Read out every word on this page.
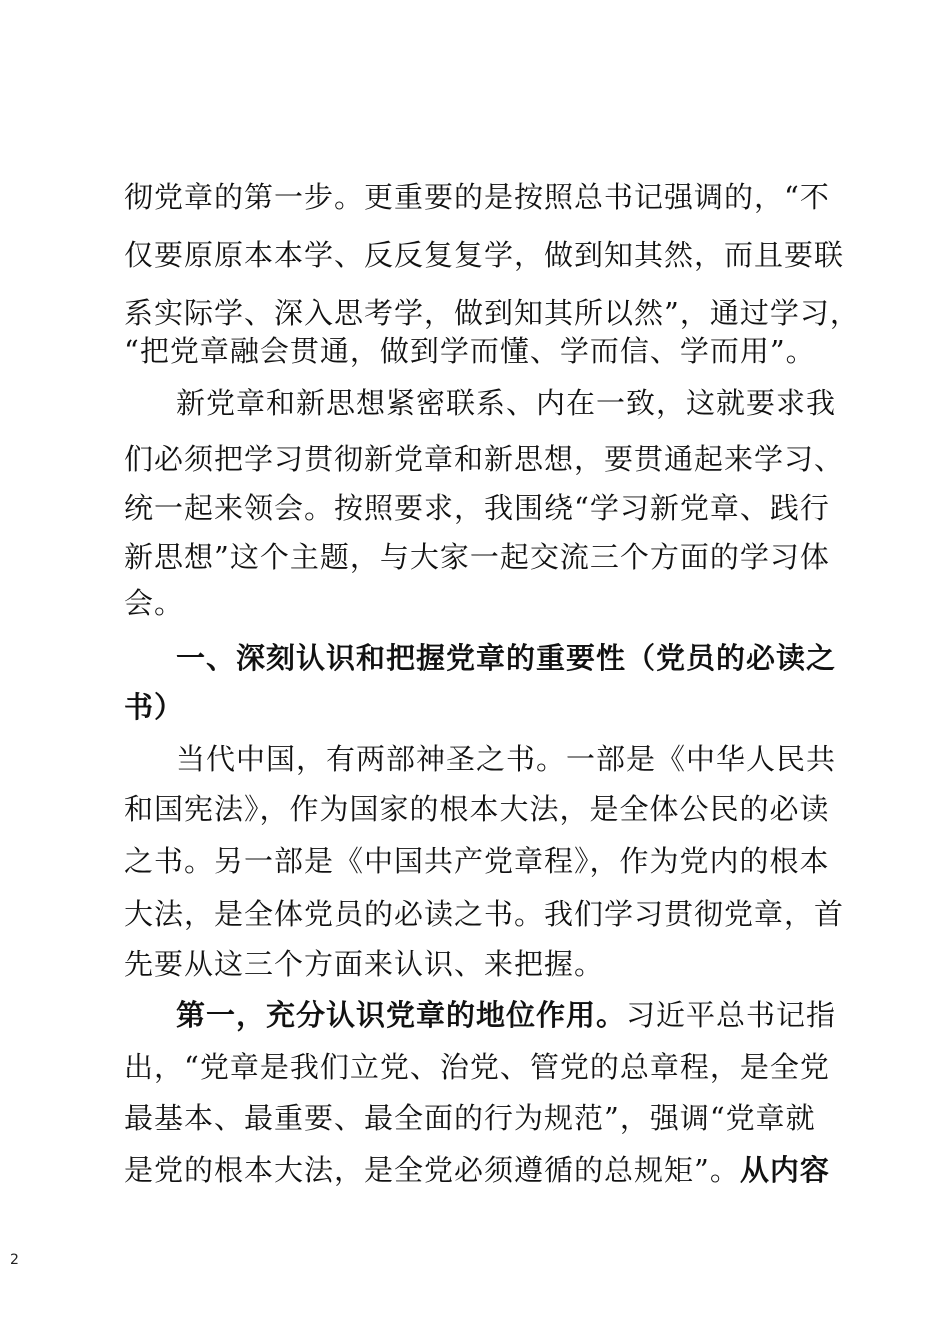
彻党章的第一步。更重要的是按照总书记强调的，“不
仅要原原本本学、反反复复学，做到知其然，而且要联
系实际学、深入思考学，做到知其所以然”，通过学习，
“把党章融会贯通，做到学而懂、学而信、学而用”。
新党章和新思想紧密联系、内在一致，这就要求我
们必须把学习贯彻新党章和新思想，要贯通起来学习、
统一起来领会。按照要求，我围绕“学习新党章、践行
新思想”这个主题，与大家一起交流三个方面的学习体
会。
一、深刻认识和把握党章的重要性（党员的必读之
书）
当代中国，有两部神圣之书。一部是《中华人民共
和国宪法》，作为国家的根本大法，是全体公民的必读
之书。另一部是《中国共产党章程》，作为党内的根本
大法，是全体党员的必读之书。我们学习贯彻党章，首
先要从这三个方面来认识、来把握。
第一，充分认识党章的地位作用。习近平总书记指
出，“党章是我们立党、治党、管党的总章程，是全党
最基本、最重要、最全面的行为规范”，强调“党章就
是党的根本大法，是全党必须遵循的总规矩”。从内容
2
